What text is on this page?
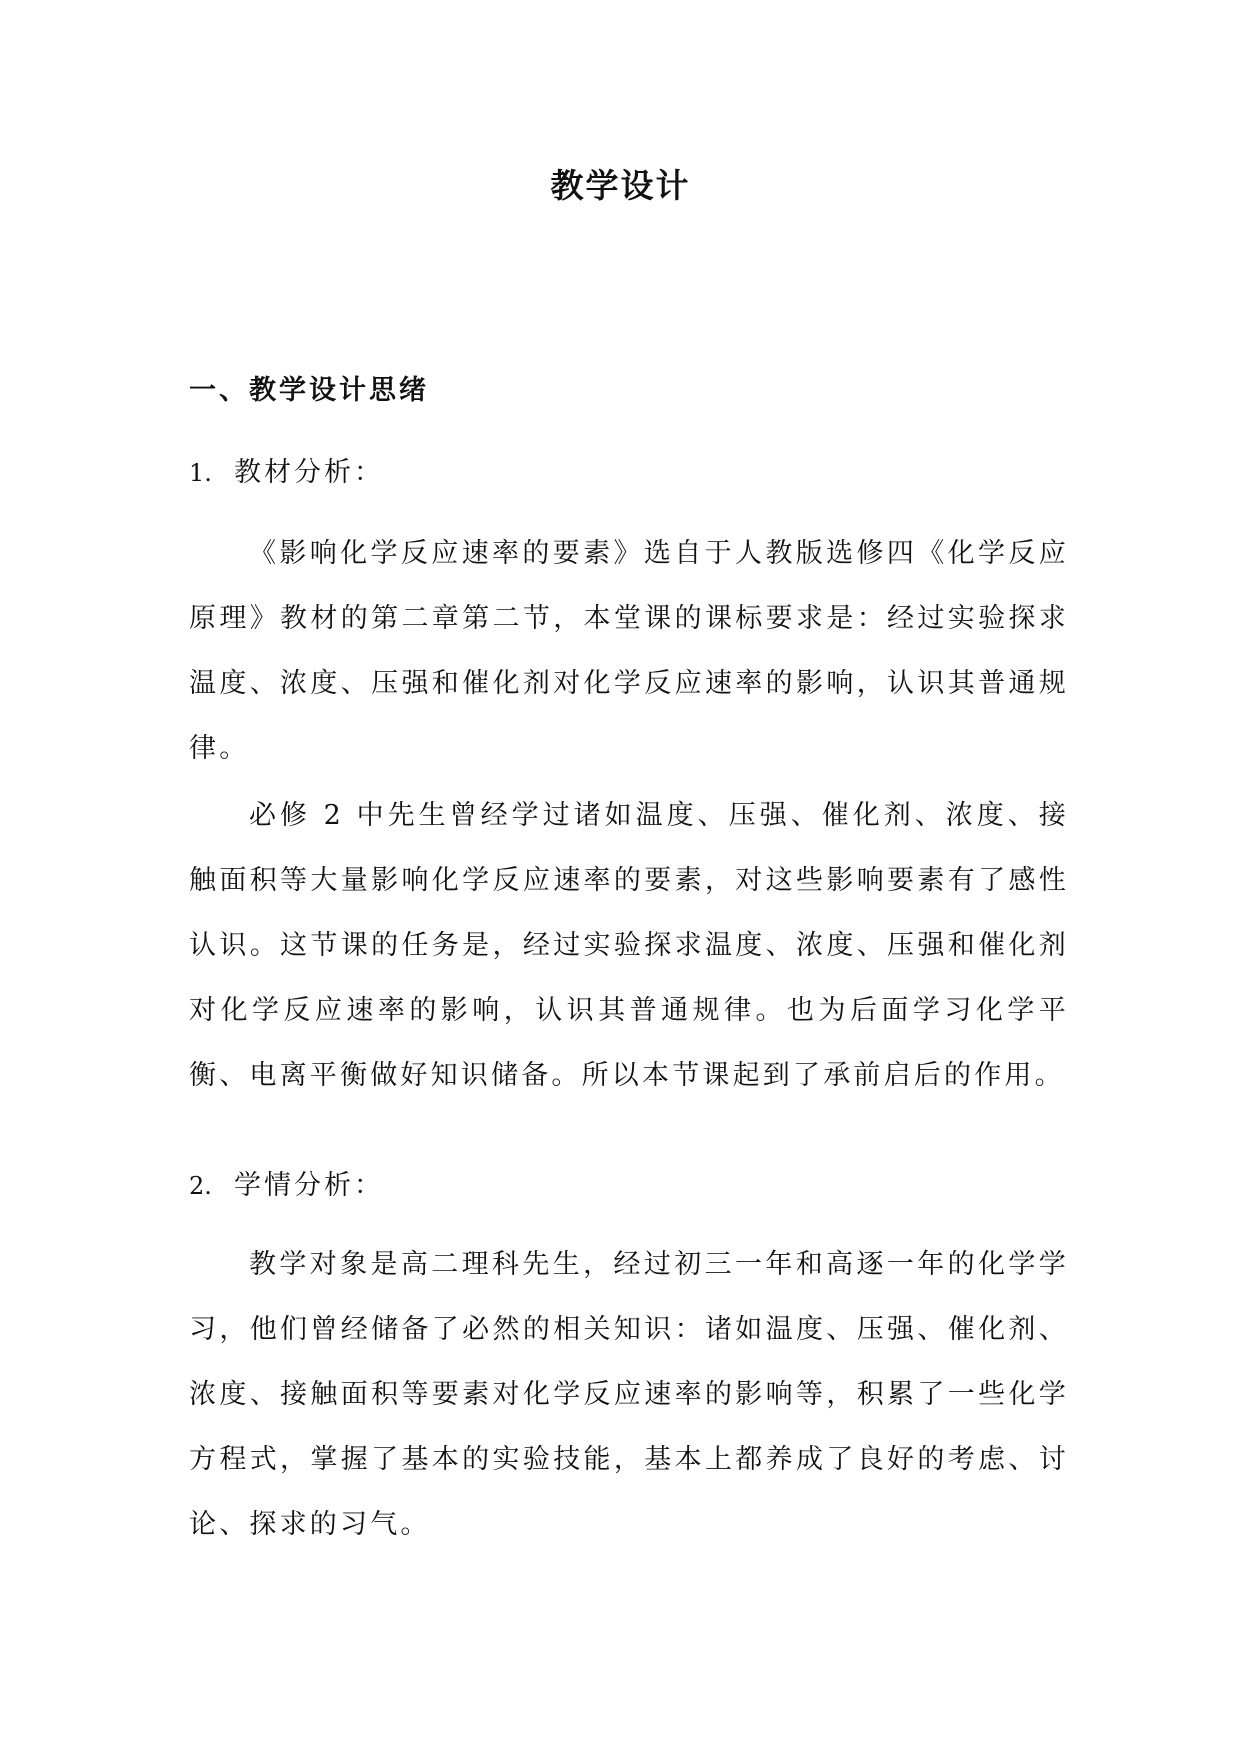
教学设计
一、教学设计思绪
1. 教材分析：

《影响化学反应速率的要素》选自于人教版选修四《化学反应原理》教材的第二章第二节，本堂课的课标要求是：经过实验探求温度、浓度、压强和催化剂对化学反应速率的影响，认识其普通规律。

必修 2 中先生曾经学过诸如温度、压强、催化剂、浓度、接触面积等大量影响化学反应速率的要素，对这些影响要素有了感性认识。这节课的任务是，经过实验探求温度、浓度、压强和催化剂对化学反应速率的影响，认识其普通规律。也为后面学习化学平衡、电离平衡做好知识储备。所以本节课起到了承前启后的作用。

2. 学情分析：

教学对象是高二理科先生，经过初三一年和高逐一年的化学学习，他们曾经储备了必然的相关知识：诸如温度、压强、催化剂、浓度、接触面积等要素对化学反应速率的影响等，积累了一些化学方程式，掌握了基本的实验技能，基本上都养成了良好的考虑、讨论、探求的习气。
